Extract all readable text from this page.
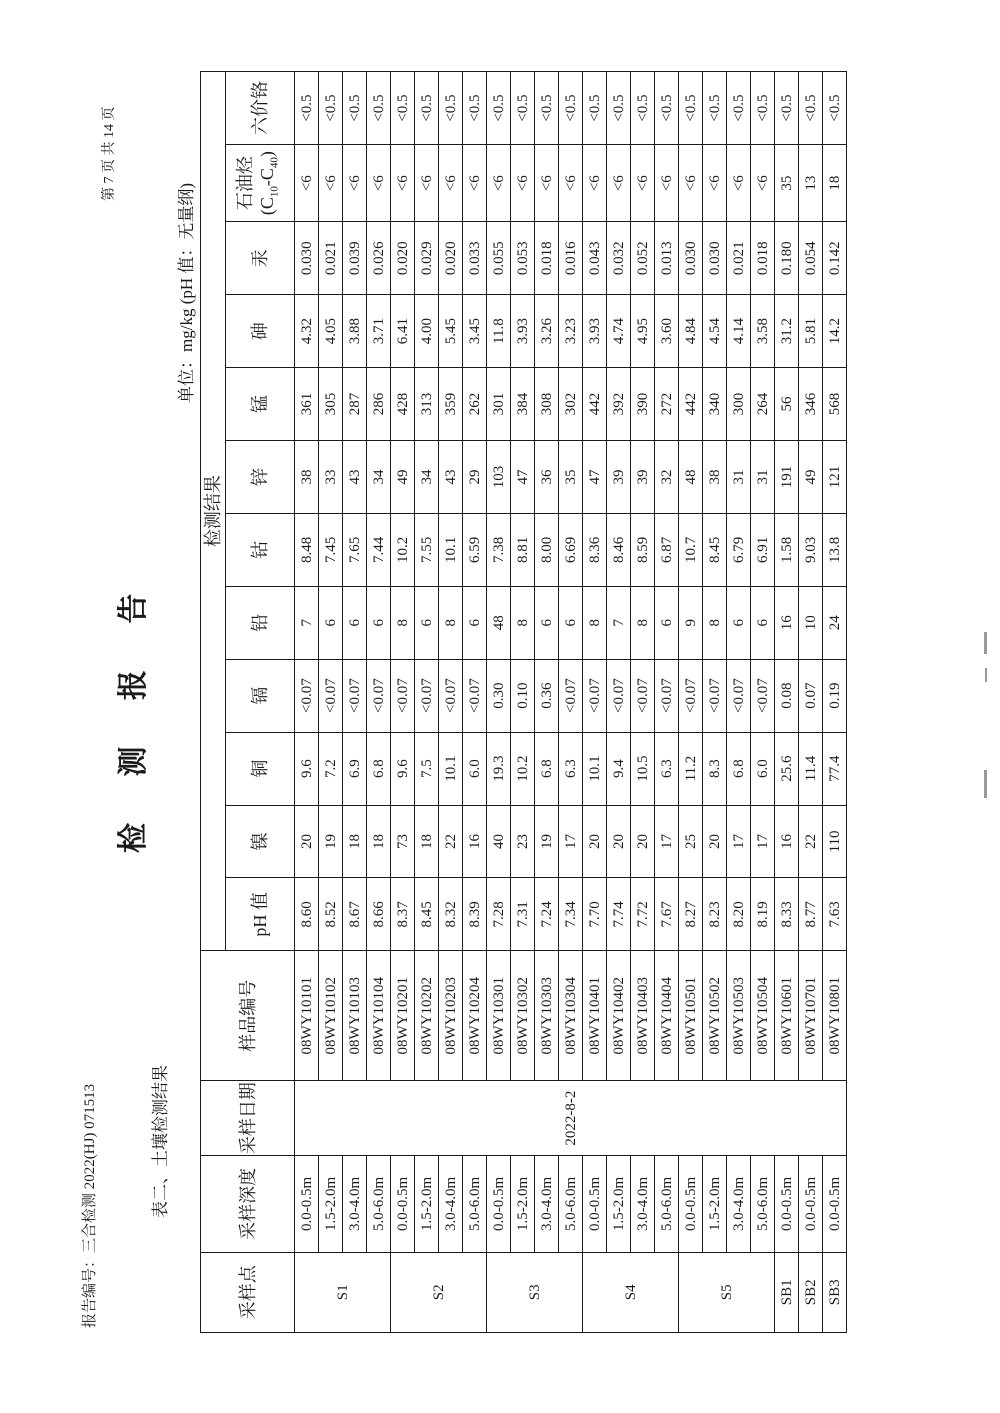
报告编号：三合检测 2022(HJ) 071513
第 7 页 共 14 页
检 测 报 告
表二、土壤检测结果
单位：mg/kg (pH 值：无量纲)
采样点	采样深度	采样日期	样品编号	检测结果											
				pH 值	镍	铜	镉	铅	钴	锌	锰	砷	汞	石油烃 $(C_{10}-C_{40})$	六价铬
S1	0.0-0.5m	2022-8-2	08WY10101	8.60	20	9.6	<0.07	7	8.48	38	361	4.32	0.030	<6	<0.5
	1.5-2.0m		08WY10102	8.52	19	7.2	<0.07	6	7.45	33	305	4.05	0.021	<6	<0.5
	3.0-4.0m		08WY10103	8.67	18	6.9	<0.07	6	7.65	43	287	3.88	0.039	<6	<0.5
	5.0-6.0m		08WY10104	8.66	18	6.8	<0.07	6	7.44	34	286	3.71	0.026	<6	<0.5
S2	0.0-0.5m		08WY10201	8.37	73	9.6	<0.07	8	10.2	49	428	6.41	0.020	<6	<0.5
	1.5-2.0m		08WY10202	8.45	18	7.5	<0.07	6	7.55	34	313	4.00	0.029	<6	<0.5
	3.0-4.0m		08WY10203	8.32	22	10.1	<0.07	8	10.1	43	359	5.45	0.020	<6	<0.5
	5.0-6.0m		08WY10204	8.39	16	6.0	<0.07	6	6.59	29	262	3.45	0.033	<6	<0.5
S3	0.0-0.5m		08WY10301	7.28	40	19.3	0.30	48	7.38	103	301	11.8	0.055	<6	<0.5
	1.5-2.0m		08WY10302	7.31	23	10.2	0.10	8	8.81	47	384	3.93	0.053	<6	<0.5
	3.0-4.0m		08WY10303	7.24	19	6.8	0.36	6	8.00	36	308	3.26	0.018	<6	<0.5
	5.0-6.0m		08WY10304	7.34	17	6.3	<0.07	6	6.69	35	302	3.23	0.016	<6	<0.5
S4	0.0-0.5m		08WY10401	7.70	20	10.1	<0.07	8	8.36	47	442	3.93	0.043	<6	<0.5
	1.5-2.0m		08WY10402	7.74	20	9.4	<0.07	7	8.46	39	392	4.74	0.032	<6	<0.5
	3.0-4.0m		08WY10403	7.72	20	10.5	<0.07	8	8.59	39	390	4.95	0.052	<6	<0.5
	5.0-6.0m		08WY10404	7.67	17	6.3	<0.07	6	6.87	32	272	3.60	0.013	<6	<0.5
S5	0.0-0.5m		08WY10501	8.27	25	11.2	<0.07	9	10.7	48	442	4.84	0.030	<6	<0.5
	1.5-2.0m		08WY10502	8.23	20	8.3	<0.07	8	8.45	38	340	4.54	0.030	<6	<0.5
	3.0-4.0m		08WY10503	8.20	17	6.8	<0.07	6	6.79	31	300	4.14	0.021	<6	<0.5
	5.0-6.0m		08WY10504	8.19	17	6.0	<0.07	6	6.91	31	264	3.58	0.018	<6	<0.5
SB1	0.0-0.5m		08WY10601	8.33	16	25.6	0.08	16	1.58	191	56	31.2	0.180	35	<0.5
SB2	0.0-0.5m		08WY10701	8.77	22	11.4	0.07	10	9.03	49	346	5.81	0.054	13	<0.5
SB3	0.0-0.5m		08WY10801	7.63	110	77.4	0.19	24	13.8	121	568	14.2	0.142	18	<0.5
